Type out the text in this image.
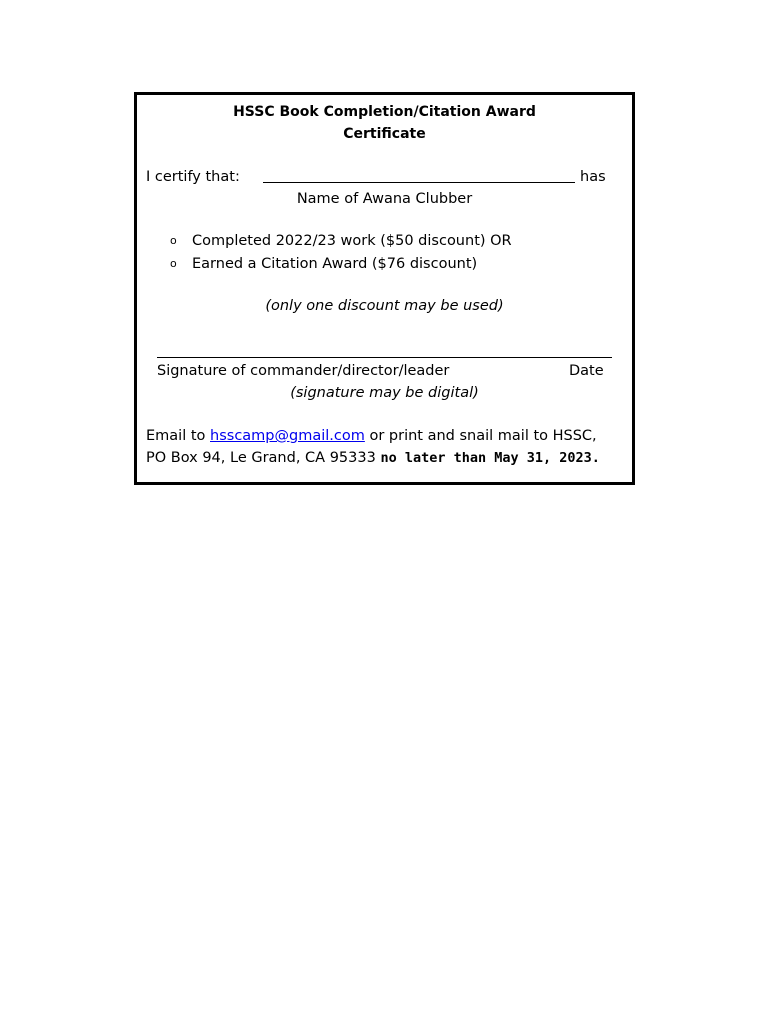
HSSC Book Completion/Citation Award
Certificate
I certify that:	has
Name of Awana Clubber
o Completed 2022/23 work ($50 discount) OR
o Earned a Citation Award ($76 discount)
(only one discount may be used)
Signature of commander/director/leader	Date
(signature may be digital)
Email to hsscamp@gmail.com or print and snail mail to HSSC,
PO Box 94, Le Grand, CA 95333 no later than May 31, 2023.
